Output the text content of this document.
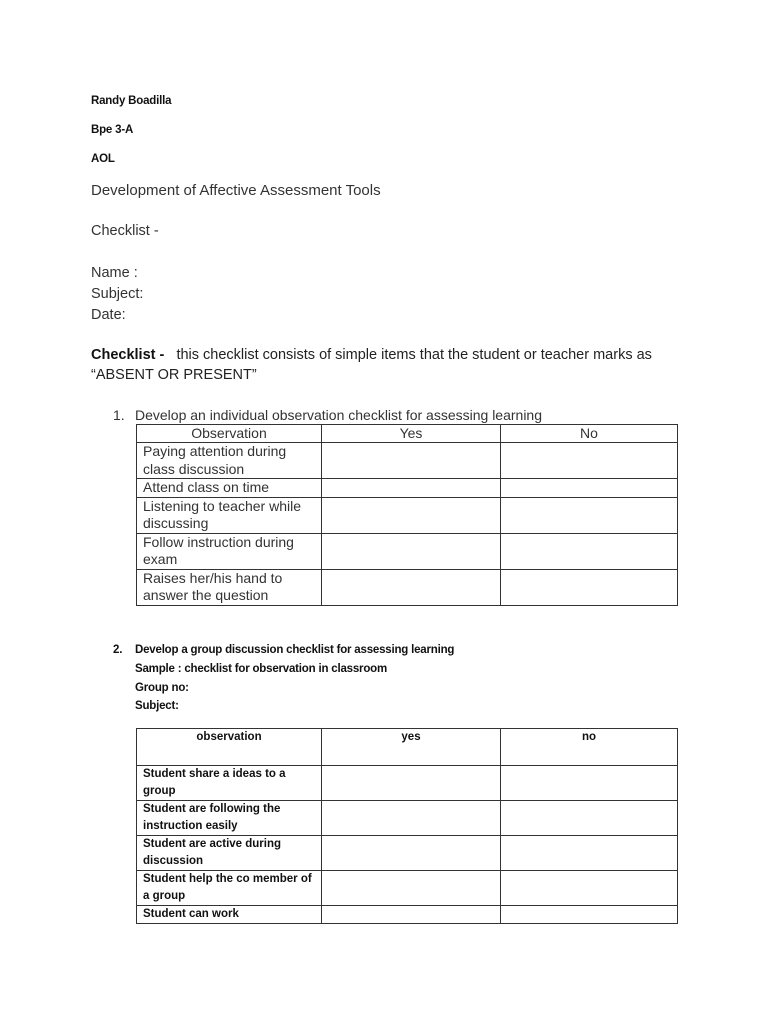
Randy Boadilla

Bpe 3-A

AOL

Development of Affective Assessment Tools

Checklist -

Name :

Subject:

Date:

Checklist - this checklist consists of simple items that the student or teacher marks as
“ABSENT OR PRESENT”

1. Develop an individual observation checklist for assessing learning

Observation	Yes	No
Paying attention during class discussion		
Attend class on time		
Listening to teacher while discussing		
Follow instruction during exam		
Raises her/his hand to answer the question		

2. Develop a group discussion checklist for assessing learning

Sample : checklist for observation in classroom

Group no:

Subject:

observation	yes	no
Student share a ideas to a group		
Student are following the instruction easily		
Student are active during discussion		
Student help the co member of a group		
Student can work		
